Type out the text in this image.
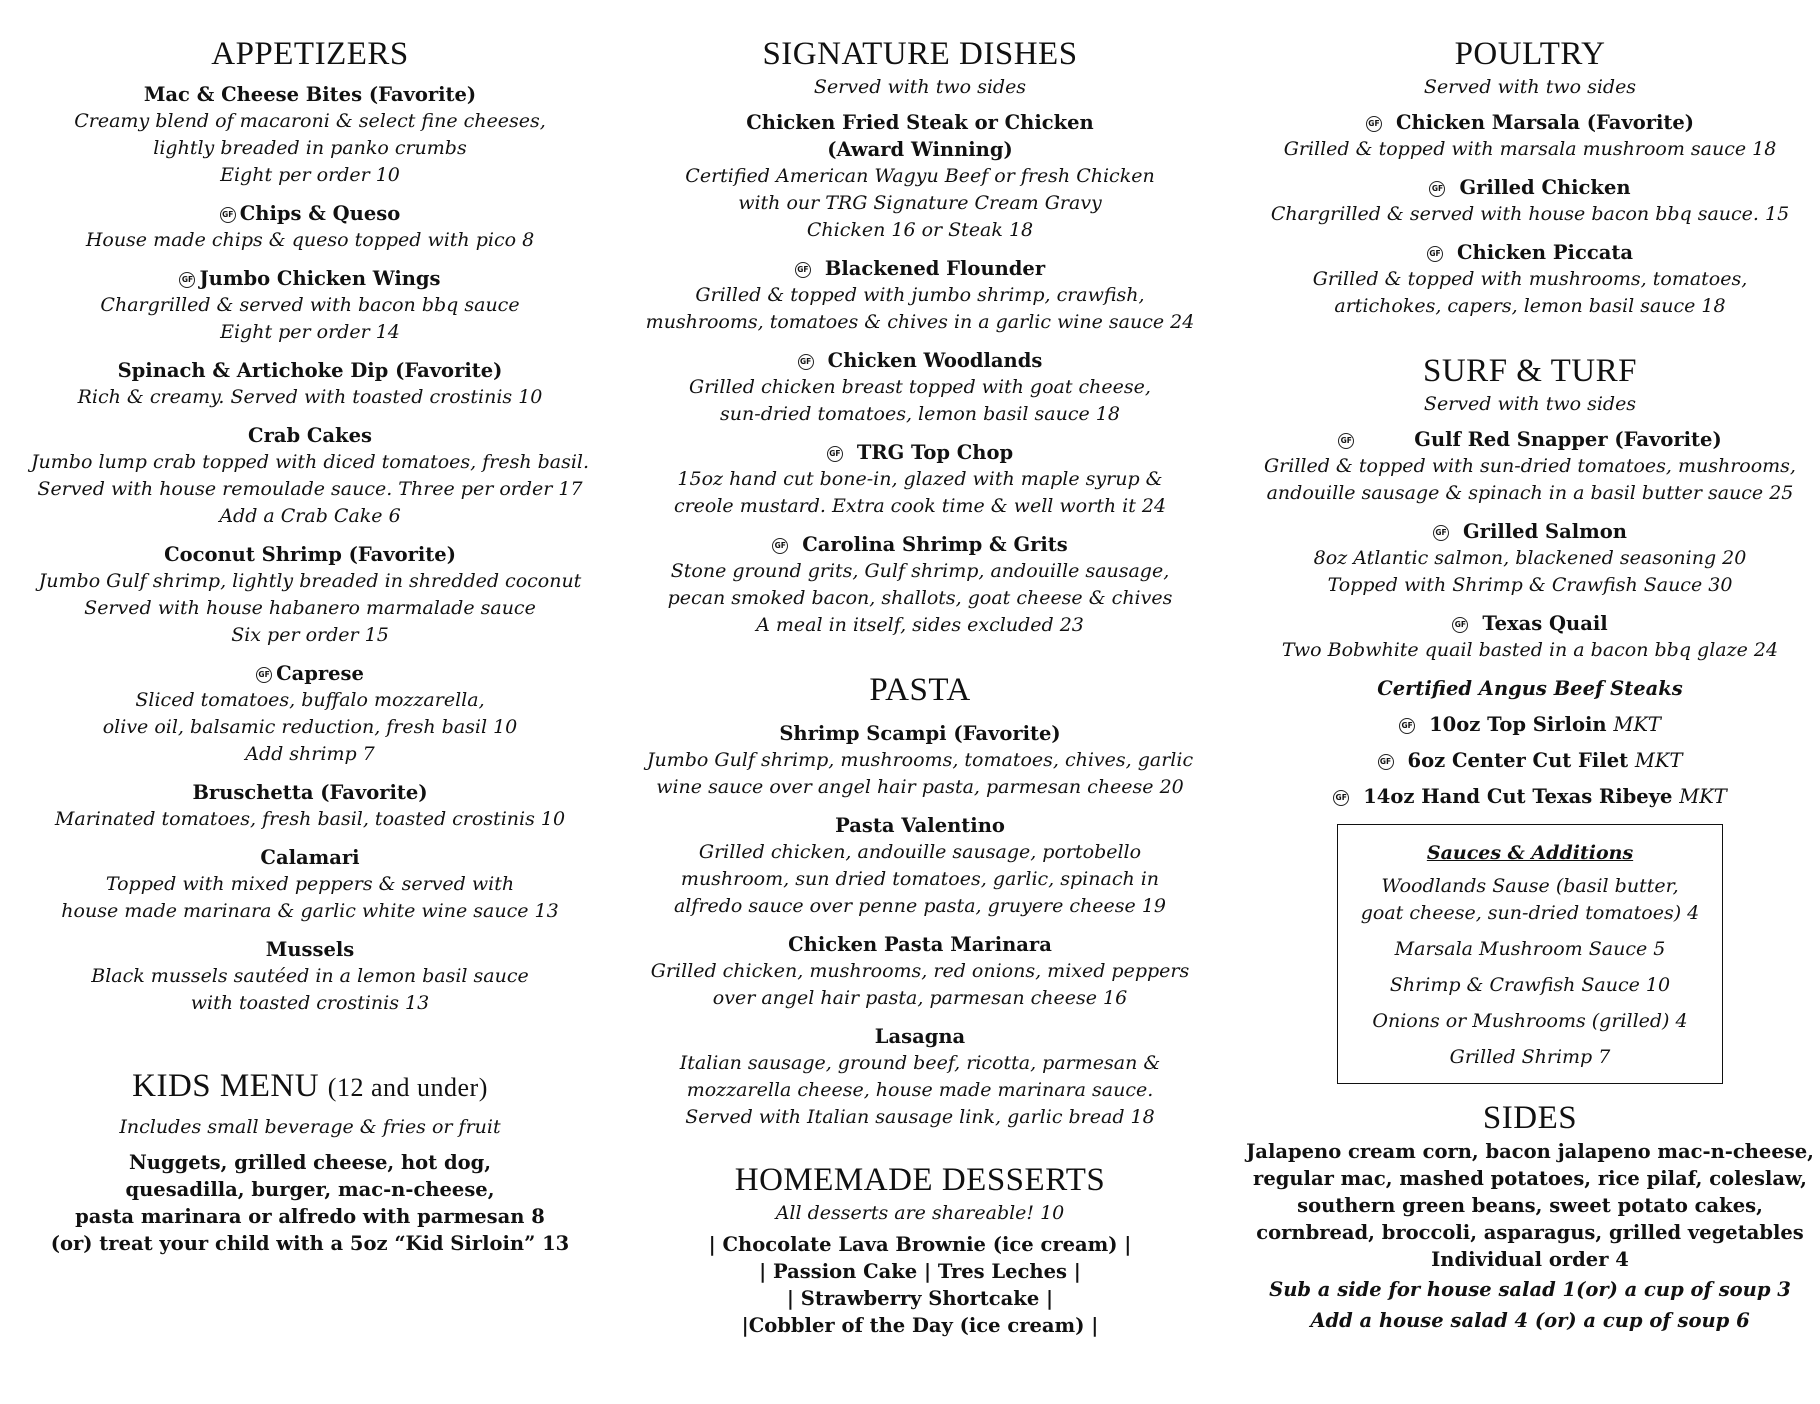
APPETIZERS
Mac & Cheese Bites (Favorite)
Creamy blend of macaroni & select fine cheeses,
lightly breaded in panko crumbs
Eight per order 10
GF Chips & Queso
House made chips & queso topped with pico 8
GF Jumbo Chicken Wings
Chargrilled & served with bacon bbq sauce
Eight per order 14
Spinach & Artichoke Dip (Favorite)
Rich & creamy. Served with toasted crostinis 10
Crab Cakes
Jumbo lump crab topped with diced tomatoes, fresh basil.
Served with house remoulade sauce. Three per order 17
Add a Crab Cake 6
Coconut Shrimp (Favorite)
Jumbo Gulf shrimp, lightly breaded in shredded coconut
Served with house habanero marmalade sauce
Six per order 15
GF Caprese
Sliced tomatoes, buffalo mozzarella,
olive oil, balsamic reduction, fresh basil 10
Add shrimp 7
Bruschetta (Favorite)
Marinated tomatoes, fresh basil, toasted crostinis 10
Calamari
Topped with mixed peppers & served with
house made marinara & garlic white wine sauce 13
Mussels
Black mussels sautéed in a lemon basil sauce
with toasted crostinis 13
KIDS MENU (12 and under)
Includes small beverage & fries or fruit
Nuggets, grilled cheese, hot dog,
quesadilla, burger, mac-n-cheese,
pasta marinara or alfredo with parmesan 8
(or) treat your child with a 5oz “Kid Sirloin” 13
SIGNATURE DISHES
Served with two sides
Chicken Fried Steak or Chicken
(Award Winning)
Certified American Wagyu Beef or fresh Chicken
with our TRG Signature Cream Gravy
Chicken 16 or Steak 18
GF Blackened Flounder
Grilled & topped with jumbo shrimp, crawfish,
mushrooms, tomatoes & chives in a garlic wine sauce 24
GF Chicken Woodlands
Grilled chicken breast topped with goat cheese,
sun-dried tomatoes, lemon basil sauce 18
GF TRG Top Chop
15oz hand cut bone-in, glazed with maple syrup &
creole mustard. Extra cook time & well worth it 24
GF Carolina Shrimp & Grits
Stone ground grits, Gulf shrimp, andouille sausage,
pecan smoked bacon, shallots, goat cheese & chives
A meal in itself, sides excluded 23
PASTA
Shrimp Scampi (Favorite)
Jumbo Gulf shrimp, mushrooms, tomatoes, chives, garlic
wine sauce over angel hair pasta, parmesan cheese 20
Pasta Valentino
Grilled chicken, andouille sausage, portobello
mushroom, sun dried tomatoes, garlic, spinach in
alfredo sauce over penne pasta, gruyere cheese 19
Chicken Pasta Marinara
Grilled chicken, mushrooms, red onions, mixed peppers
over angel hair pasta, parmesan cheese 16
Lasagna
Italian sausage, ground beef, ricotta, parmesan &
mozzarella cheese, house made marinara sauce.
Served with Italian sausage link, garlic bread 18
HOMEMADE DESSERTS
All desserts are shareable! 10
| Chocolate Lava Brownie (ice cream) |
| Passion Cake | Tres Leches |
| Strawberry Shortcake |
|Cobbler of the Day (ice cream) |
POULTRY
Served with two sides
GF Chicken Marsala (Favorite)
Grilled & topped with marsala mushroom sauce 18
GF Grilled Chicken
Chargrilled & served with house bacon bbq sauce. 15
GF Chicken Piccata
Grilled & topped with mushrooms, tomatoes,
artichokes, capers, lemon basil sauce 18
SURF & TURF
Served with two sides
GF	Gulf Red Snapper (Favorite)
Grilled & topped with sun-dried tomatoes, mushrooms,
andouille sausage & spinach in a basil butter sauce 25
GF Grilled Salmon
8oz Atlantic salmon, blackened seasoning 20
Topped with Shrimp & Crawfish Sauce 30
GF Texas Quail
Two Bobwhite quail basted in a bacon bbq glaze 24
Certified Angus Beef Steaks
GF 10oz Top Sirloin MKT
GF 6oz Center Cut Filet MKT
GF 14oz Hand Cut Texas Ribeye MKT
Sauces & Additions
Woodlands Sause (basil butter,
goat cheese, sun-dried tomatoes) 4
Marsala Mushroom Sauce 5
Shrimp & Crawfish Sauce 10
Onions or Mushrooms (grilled) 4
Grilled Shrimp 7
SIDES
Jalapeno cream corn, bacon jalapeno mac-n-cheese,
regular mac, mashed potatoes, rice pilaf, coleslaw,
southern green beans, sweet potato cakes,
cornbread, broccoli, asparagus, grilled vegetables
Individual order 4
Sub a side for house salad 1(or) a cup of soup 3
Add a house salad 4 (or) a cup of soup 6
